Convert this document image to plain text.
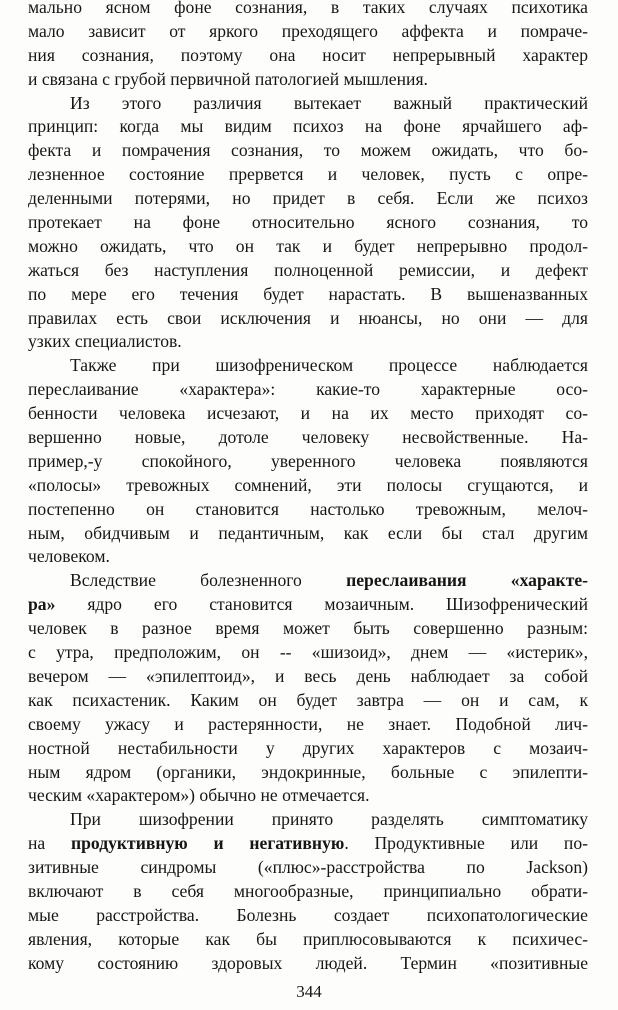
мально ясном фоне сознания, в таких случаях психотика
мало зависит от яркого преходящего аффекта и помраче-
ния сознания, поэтому она носит непрерывный характер
и связана с грубой первичной патологией мышления.
Из этого различия вытекает важный практический
принцип: когда мы видим психоз на фоне ярчайшего аф-
фекта и помрачения сознания, то можем ожидать, что бо-
лезненное состояние прервется и человек, пусть с опре-
деленными потерями, но придет в себя. Если же психоз
протекает на фоне относительно ясного сознания, то
можно ожидать, что он так и будет непрерывно продол-
жаться без наступления полноценной ремиссии, и дефект
по мере его течения будет нарастать. В вышеназванных
правилах есть свои исключения и нюансы, но они — для
узких специалистов.
Также при шизофреническом процессе наблюдается
переслаивание «характера»: какие-то характерные осо-
бенности человека исчезают, и на их место приходят со-
вершенно новые, дотоле человеку несвойственные. На-
пример,-у спокойного, уверенного человека появляются
«полосы» тревожных сомнений, эти полосы сгущаются, и
постепенно он становится настолько тревожным, мелоч-
ным, обидчивым и педантичным, как если бы стал другим
человеком.
Вследствие болезненного переслаивания «характе-
ра» ядро его становится мозаичным. Шизофренический
человек в разное время может быть совершенно разным:
с утра, предположим, он -- «шизоид», днем — «истерик»,
вечером — «эпилептоид», и весь день наблюдает за собой
как психастеник. Каким он будет завтра — он и сам, к
своему ужасу и растерянности, не знает. Подобной лич-
ностной нестабильности у других характеров с мозаич-
ным ядром (органики, эндокринные, больные с эпилепти-
ческим «характером») обычно не отмечается.
При шизофрении принято разделять симптоматику
на продуктивную и негативную. Продуктивные или по-
зитивные синдромы («плюс»-расстройства по Jackson)
включают в себя многообразные, принципиально обрати-
мые расстройства. Болезнь создает психопатологические
явления, которые как бы приплюсовываются к психичес-
кому состоянию здоровых людей. Термин «позитивные
344
